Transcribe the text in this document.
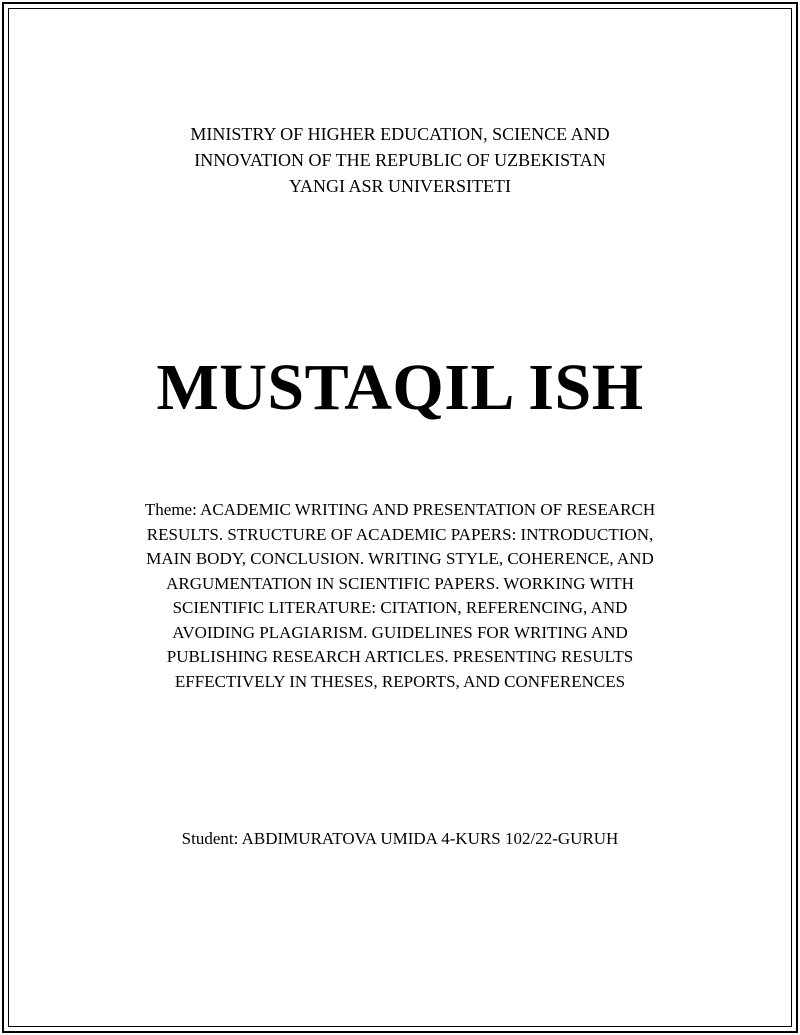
MINISTRY OF HIGHER EDUCATION, SCIENCE AND
INNOVATION OF THE REPUBLIC OF UZBEKISTAN
YANGI ASR UNIVERSITETI
MUSTAQIL ISH
Theme: ACADEMIC WRITING AND PRESENTATION OF RESEARCH
RESULTS. STRUCTURE OF ACADEMIC PAPERS: INTRODUCTION,
MAIN BODY, CONCLUSION. WRITING STYLE, COHERENCE, AND
ARGUMENTATION IN SCIENTIFIC PAPERS. WORKING WITH
SCIENTIFIC LITERATURE: CITATION, REFERENCING, AND
AVOIDING PLAGIARISM. GUIDELINES FOR WRITING AND
PUBLISHING RESEARCH ARTICLES. PRESENTING RESULTS
EFFECTIVELY IN THESES, REPORTS, AND CONFERENCES
Student: ABDIMURATOVA UMIDA 4-KURS 102/22-GURUH
